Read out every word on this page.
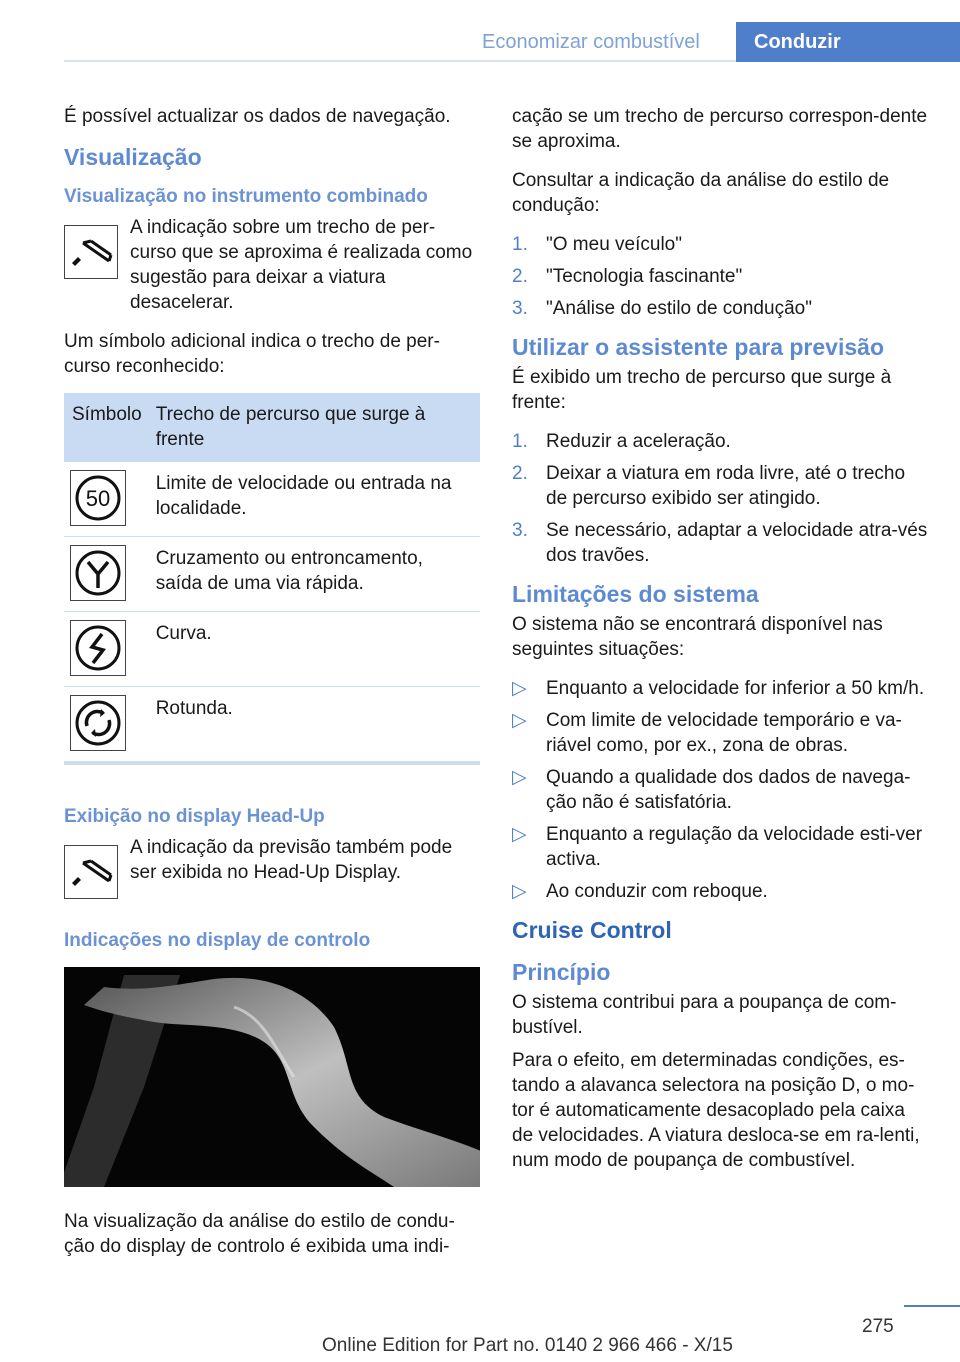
Economizar combustível	Conduzir

É possível actualizar os dados de navegação.

Visualização
Visualização no instrumento combinado
A indicação sobre um trecho de per-curso que se aproxima é realizada como sugestão para deixar a viatura desacelerar.

Um símbolo adicional indica o trecho de per-curso reconhecido:

Símbolo	Trecho de percurso que surge à frente

50	Limite de velocidade ou entrada na localidade.

	Cruzamento ou entroncamento, saída de uma via rápida.

	Curva.

	Rotunda.
Exibição no display Head-Up
A indicação da previsão também pode ser exibida no Head-Up Display.
Indicações no display de controlo

Na visualização da análise do estilo de condu-ção do display de controlo é exibida uma indi-

cação se um trecho de percurso correspon-dente se aproxima.

Consultar a indicação da análise do estilo de condução:

1. "O meu veículo"
2. "Tecnologia fascinante"
3. "Análise do estilo de condução"
Utilizar o assistente para previsão

É exibido um trecho de percurso que surge à frente:

1. Reduzir a aceleração.
2. Deixar a viatura em roda livre, até o trecho de percurso exibido ser atingido.
3. Se necessário, adaptar a velocidade atra-vés dos travões.
Limitações do sistema

O sistema não se encontrará disponível nas seguintes situações:

▷ Enquanto a velocidade for inferior a 50 km/h.
▷ Com limite de velocidade temporário e va-riável como, por ex., zona de obras.
▷ Quando a qualidade dos dados de navega-ção não é satisfatória.
▷ Enquanto a regulação da velocidade esti-ver activa.
▷ Ao conduzir com reboque.
Cruise Control
Princípio

O sistema contribui para a poupança de com-bustível.

Para o efeito, em determinadas condições, es-tando a alavanca selectora na posição D, o mo-tor é automaticamente desacoplado pela caixa de velocidades. A viatura desloca-se em ra-lenti, num modo de poupança de combustível.

275
Online Edition for Part no. 0140 2 966 466 - X/15
